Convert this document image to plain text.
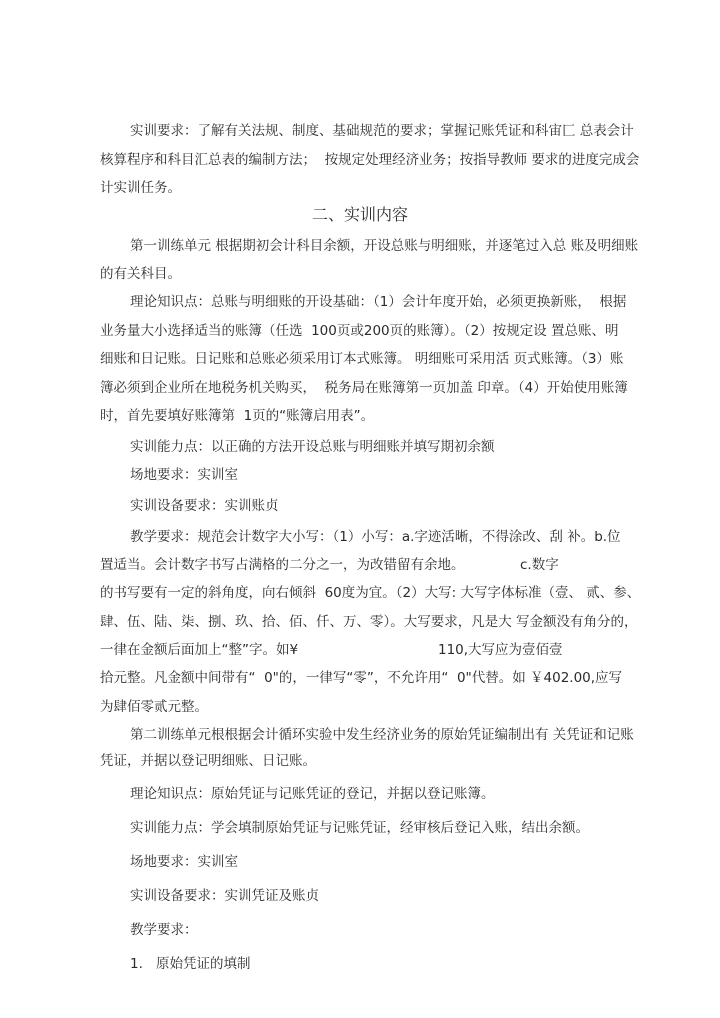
实训要求：了解有关法规、制度、基础规范的要求；掌握记账凭证和科宙匚 总表会计
核算程序和科目汇总表的编制方法；  按规定处理经济业务；按指导教师 要求的进度完成会
计实训任务。
二、实训内容
第一训练单元 根据期初会计科目余额，开设总账与明细账，并逐笔过入总 账及明细账
的有关科目。
理论知识点：总账与明细账的开设基础：（1）会计年度开始，必须更换新账，  根据
业务量大小选择适当的账簿（任选  100页或200页的账簿）。（2）按规定设 置总账、明
细账和日记账。日记账和总账必须采用订本式账簿。 明细账可采用活 页式账簿。（3）账
簿必须到企业所在地税务机关购买，  税务局在账簿第一页加盖 印章。（4）开始使用账簿
时，首先要填好账簿第  1页的“账簿启用表”。
实训能力点：以正确的方法开设总账与明细账并填写期初余额
场地要求：实训室
实训设备要求：实训账贞
教学要求：规范会计数字大小写：（1）小写：a.字迹活晰，不得涂改、刮 补。b.位
置适当。会计数字书写占满格的二分之一，为改错留有余地。	c.数字
的书写要有一定的斜角度，向右倾斜  60度为宜。（2）大写: 大写字体标准（壹、 贰、参、
肆、伍、陆、柒、捌、玖、拾、佰、仟、万、零）。大写要求，凡是大 写金额没有角分的，
一律在金额后面加上“整”字。如¥	110,大写应为壹佰壹
拾元整。凡金额中间带有“  0"的，一律写“零”，不允许用“  0"代替。如 ￥402.00,应写
为肆佰零贰元整。
第二训练单元根根据会计循环实验中发生经济业务的原始凭证编制出有 关凭证和记账
凭证，并据以登记明细账、日记账。
理论知识点：原始凭证与记账凭证的登记，并据以登记账簿。
实训能力点：学会填制原始凭证与记账凭证，经审核后登记入账，结出余额。
场地要求：实训室
实训设备要求：实训凭证及账贞
教学要求：
1. 原始凭证的填制
